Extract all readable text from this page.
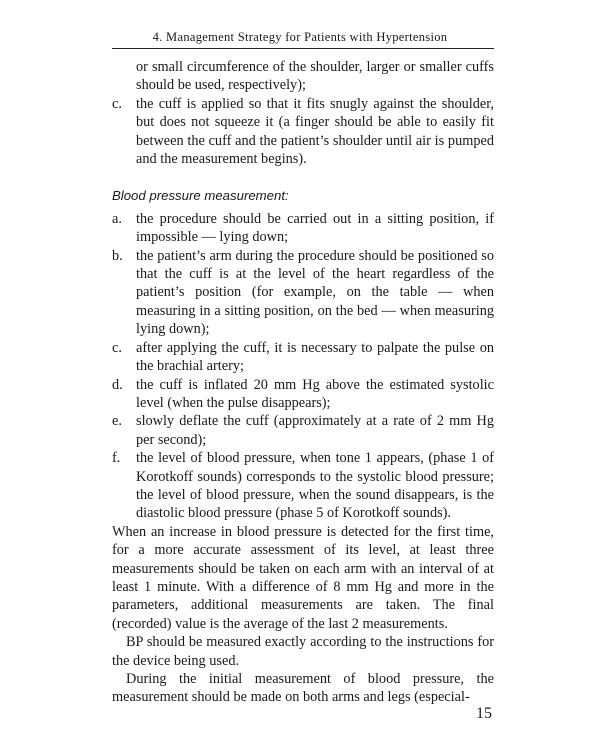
4. Management Strategy for Patients with Hypertension

or small circumference of the shoulder, larger or smaller cuffs should be used, respectively);

c. the cuff is applied so that it fits snugly against the shoulder, but does not squeeze it (a finger should be able to easily fit between the cuff and the patient’s shoulder until air is pumped and the measurement begins).
Blood pressure measurement:
a. the procedure should be carried out in a sitting position, if impossible — lying down;
b. the patient’s arm during the procedure should be positioned so that the cuff is at the level of the heart regardless of the patient’s position (for example, on the table — when measuring in a sitting position, on the bed — when measuring lying down);
c. after applying the cuff, it is necessary to palpate the pulse on the brachial artery;
d. the cuff is inflated 20 mm Hg above the estimated systolic level (when the pulse disappears);
e. slowly deflate the cuff (approximately at a rate of 2 mm Hg per second);
f. the level of blood pressure, when tone 1 appears, (phase 1 of Korotkoff sounds) corresponds to the systolic blood pressure; the level of blood pressure, when the sound disappears, is the diastolic blood pressure (phase 5 of Korotkoff sounds).

When an increase in blood pressure is detected for the first time, for a more accurate assessment of its level, at least three measurements should be taken on each arm with an interval of at least 1 minute. With a difference of 8 mm Hg and more in the parameters, additional measurements are taken. The final (recorded) value is the average of the last 2 measurements.

BP should be measured exactly according to the instructions for the device being used.

During the initial measurement of blood pressure, the measurement should be made on both arms and legs (especial-

15
